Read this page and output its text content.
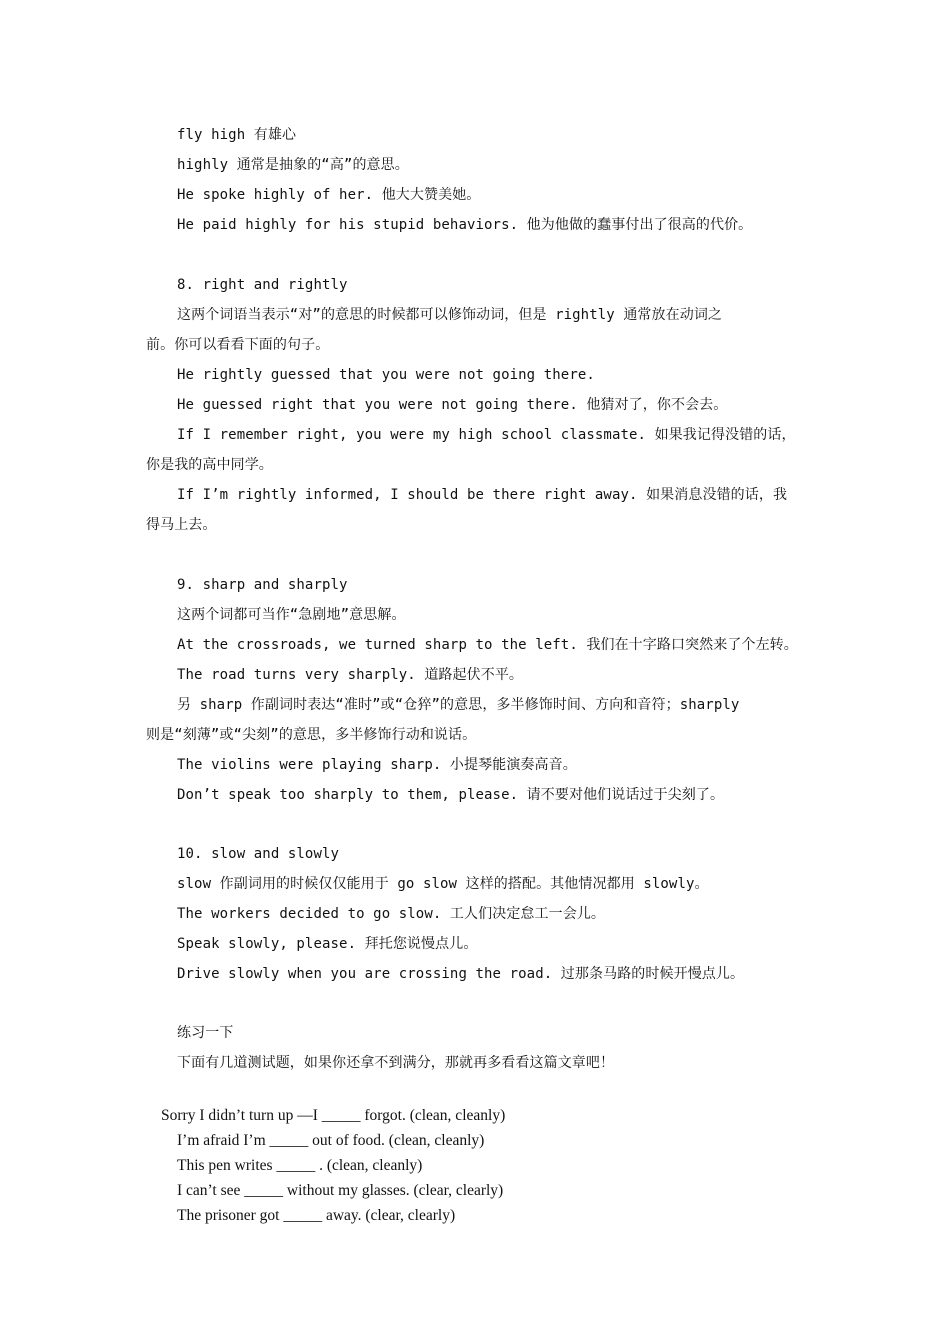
fly high 有雄心

highly 通常是抽象的“高”的意思。

He spoke highly of her. 他大大赞美她。

He paid highly for his stupid behaviors. 他为他做的蠢事付出了很高的代价。

8. right and rightly

这两个词语当表示“对”的意思的时候都可以修饰动词，但是 rightly 通常放在动词之

前。你可以看看下面的句子。

He rightly guessed that you were not going there.

He guessed right that you were not going there. 他猜对了，你不会去。

If I remember right, you were my high school classmate. 如果我记得没错的话，

你是我的高中同学。

If I’m rightly informed, I should be there right away. 如果消息没错的话，我

得马上去。

9. sharp and sharply

这两个词都可当作“急剧地”意思解。

At the crossroads, we turned sharp to the left. 我们在十字路口突然来了个左转。

The road turns very sharply. 道路起伏不平。

另 sharp 作副词时表达“准时”或“仓猝”的意思，多半修饰时间、方向和音符；sharply

则是“刻薄”或“尖刻”的意思，多半修饰行动和说话。

The violins were playing sharp. 小提琴能演奏高音。

Don’t speak too sharply to them, please. 请不要对他们说话过于尖刻了。

10. slow and slowly

slow 作副词用的时候仅仅能用于 go slow 这样的搭配。其他情况都用 slowly。

The workers decided to go slow. 工人们决定怠工一会儿。

Speak slowly, please. 拜托您说慢点儿。

Drive slowly when you are crossing the road. 过那条马路的时候开慢点儿。

练习一下

下面有几道测试题，如果你还拿不到满分，那就再多看看这篇文章吧！

Sorry I didn’t turn up —I _____ forgot. (clean, cleanly)

I’m afraid I’m _____ out of food. (clean, cleanly)

This pen writes _____ . (clean, cleanly)

I can’t see _____ without my glasses. (clear, clearly)

The prisoner got _____ away. (clear, clearly)
